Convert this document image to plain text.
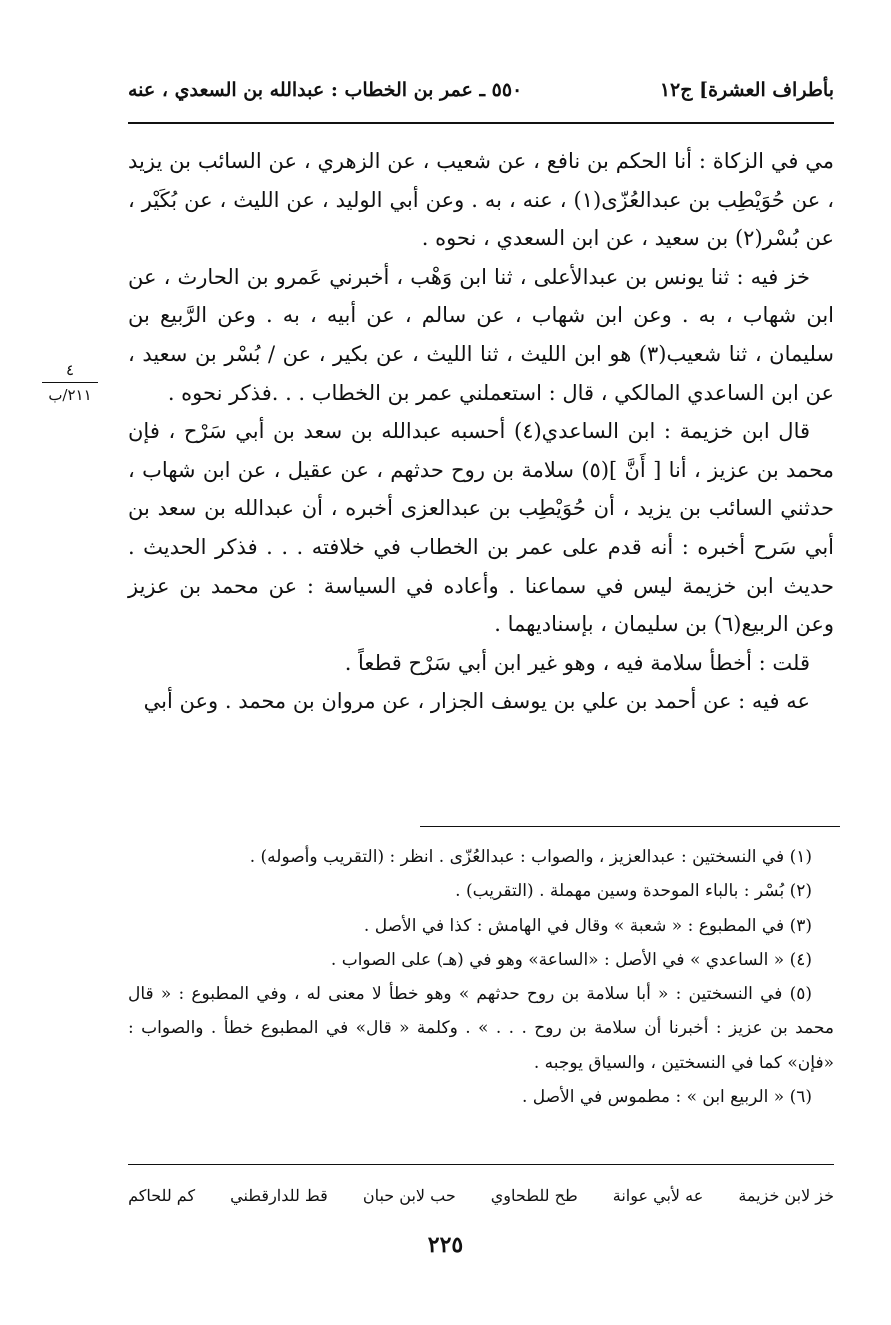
بأطراف العشرة] ج١٢
٥٥٠ ـ عمر بن الخطاب : عبدالله بن السعدي ، عنه

مي في الزكاة : أنا الحكم بن نافع ، عن شعيب ، عن الزهري ، عن السائب بن يزيد ، عن حُوَيْطِب بن عبدالعُزّى(١) ، عنه ، به . وعن أبي الوليد ، عن الليث ، عن بُكَيْر ، عن بُسْر(٢) بن سعيد ، عن ابن السعدي ، نحوه .

خز فيه : ثنا يونس بن عبدالأعلى ، ثنا ابن وَهْب ، أخبرني عَمرو بن الحارث ، عن ابن شهاب ، به . وعن ابن شهاب ، عن سالم ، عن أبيه ، به . وعن الرَّبيع بن سليمان ، ثنا شعيب(٣) هو ابن الليث ، ثنا الليث ، عن بكير ، عن / بُسْر بن سعيد ، عن ابن الساعدي المالكي ، قال : استعملني عمر بن الخطاب . . .فذكر نحوه .

قال ابن خزيمة : ابن الساعدي(٤) أحسبه عبدالله بن سعد بن أبي سَرْح ، فإن محمد بن عزيز ، أنا [ أَنَّ ](٥) سلامة بن روح حدثهم ، عن عقيل ، عن ابن شهاب ، حدثني السائب بن يزيد ، أن حُوَيْطِب بن عبدالعزى أخبره ، أن عبدالله بن سعد بن أبي سَرح أخبره : أنه قدم على عمر بن الخطاب في خلافته . . . فذكر الحديث . حديث ابن خزيمة ليس في سماعنا . وأعاده في السياسة : عن محمد بن عزيز وعن الربيع(٦) بن سليمان ، بإسناديهما .

قلت : أخطأ سلامة فيه ، وهو غير ابن أبي سَرْح قطعاً .

عه فيه : عن أحمد بن علي بن يوسف الجزار ، عن مروان بن محمد . وعن أبي

٤
٢١١/ب

(١) في النسختين : عبدالعزيز ، والصواب : عبدالعُزّى . انظر : (التقريب وأصوله) .

(٢) بُسْر : بالباء الموحدة وسين مهملة . (التقريب) .

(٣) في المطبوع : « شعبة » وقال في الهامش : كذا في الأصل .

(٤) « الساعدي » في الأصل : «الساعة» وهو في (هـ) على الصواب .

(٥) في النسختين : « أبا سلامة بن روح حدثهم » وهو خطأ لا معنى له ، وفي المطبوع : « قال محمد بن عزيز : أخبرنا أن سلامة بن روح . . . » . وكلمة « قال» في المطبوع خطأ . والصواب : «فإن» كما في النسختين ، والسياق يوجبه .

(٦) « الربيع ابن » : مطموس في الأصل .

خز لابن خزيمة
عه لأبي عوانة
طح للطحاوي
حب لابن حبان
قط للدارقطني
كم للحاكم
٢٢٥
